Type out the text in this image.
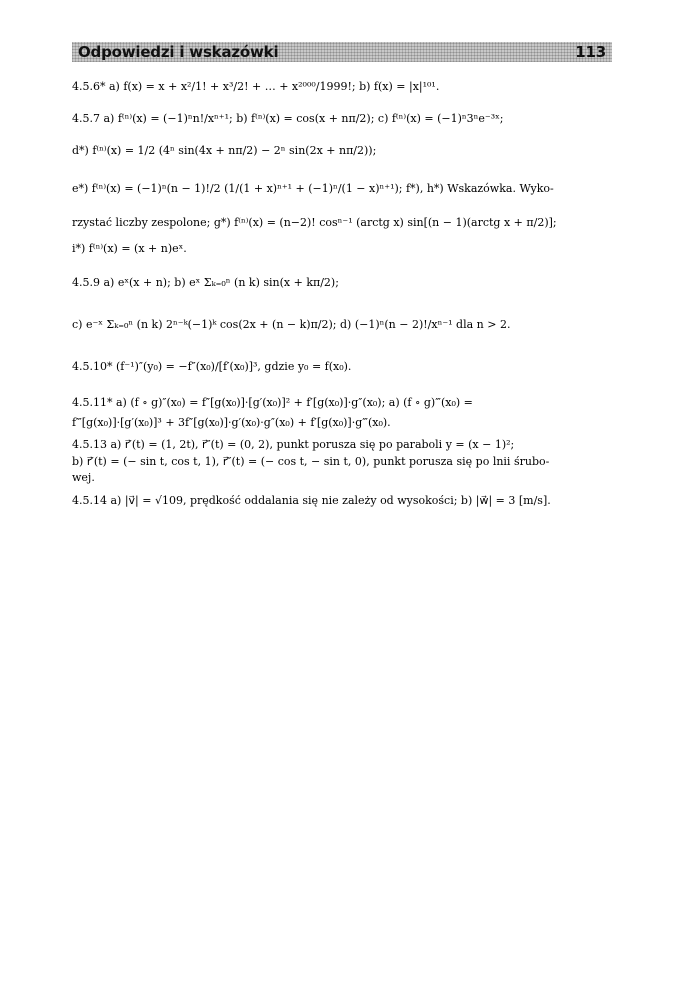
Odpowiedzi i wskazówki	113
4.5.6* a) f(x) = x + x²/1! + x³/2! + … + x²⁰⁰⁰/1999!; b) f(x) = |x|¹⁰¹.
4.5.7 a) f⁽ⁿ⁾(x) = (−1)ⁿn!/xⁿ⁺¹; b) f⁽ⁿ⁾(x) = cos(x + nπ/2); c) f⁽ⁿ⁾(x) = (−1)ⁿ3ⁿe⁻³ˣ;
d*) f⁽ⁿ⁾(x) = 1/2 (4ⁿ sin(4x + nπ/2) − 2ⁿ sin(2x + nπ/2));
e*) f⁽ⁿ⁾(x) = (−1)ⁿ(n − 1)!/2 (1/(1 + x)ⁿ⁺¹ + (−1)ⁿ/(1 − x)ⁿ⁺¹); f*), h*) Wskazówka. Wyko-
rzystać liczby zespolone; g*) f⁽ⁿ⁾(x) = (n−2)! cosⁿ⁻¹ (arctg x) sin[(n − 1)(arctg x + π/2)];
i*) f⁽ⁿ⁾(x) = (x + n)eˣ.
4.5.9 a) eˣ(x + n); b) eˣ Σₖ₌₀ⁿ (n k) sin(x + kπ/2);
c) e⁻ˣ Σₖ₌₀ⁿ (n k) 2ⁿ⁻ᵏ(−1)ᵏ cos(2x + (n − k)π/2); d) (−1)ⁿ(n − 2)!/xⁿ⁻¹ dla n > 2.
4.5.10* (f⁻¹)″(y₀) = −f″(x₀)/[f′(x₀)]³, gdzie y₀ = f(x₀).
4.5.11* a) (f ∘ g)″(x₀) = f″[g(x₀)]·[g′(x₀)]² + f′[g(x₀)]·g″(x₀); a) (f ∘ g)‴(x₀) =
f‴[g(x₀)]·[g′(x₀)]³ + 3f″[g(x₀)]·g′(x₀)·g″(x₀) + f′[g(x₀)]·g‴(x₀).
4.5.13 a) r⃗′(t) = (1, 2t), r⃗″(t) = (0, 2), punkt porusza się po paraboli y = (x − 1)²;
b) r⃗′(t) = (− sin t, cos t, 1), r⃗″(t) = (− cos t, − sin t, 0), punkt porusza się po lnii śrubo-
wej.
4.5.14 a) |v⃗| = √109, prędkość oddalania się nie zależy od wysokości; b) |w⃗| = 3 [m/s].
